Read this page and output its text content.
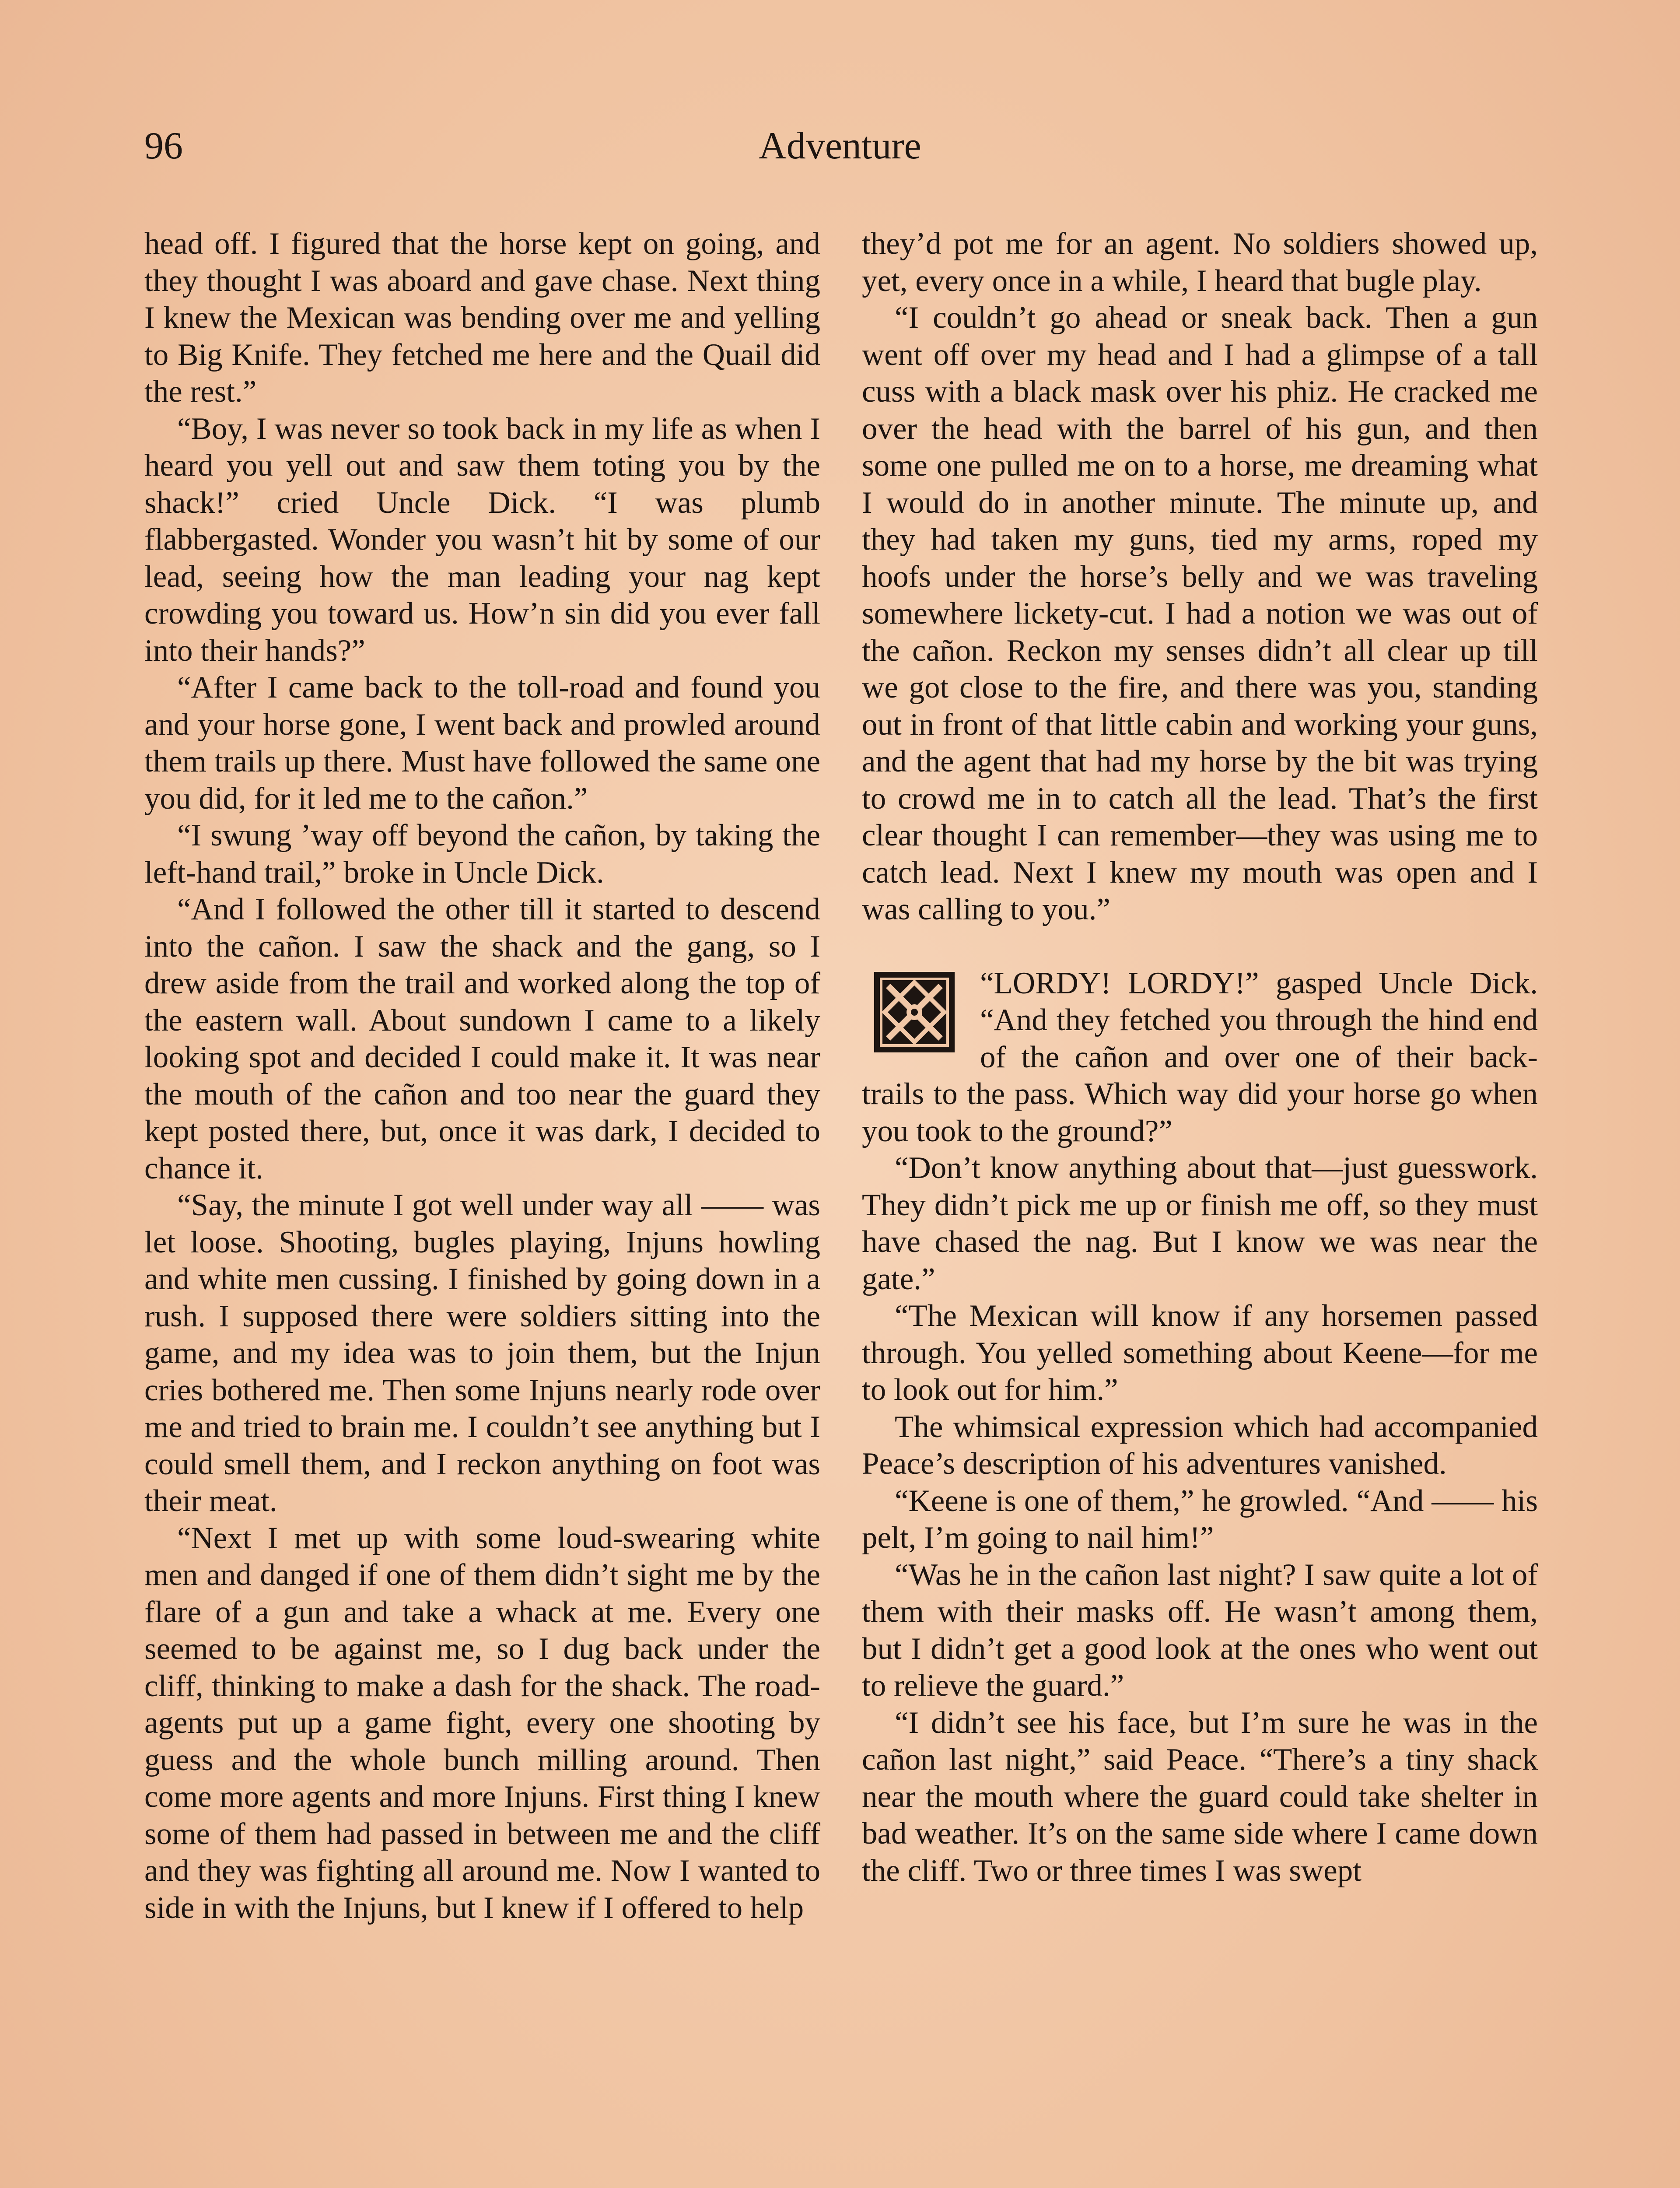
96	Adventure

head off. I figured that the horse kept on going, and they thought I was aboard and gave chase. Next thing I knew the Mexican was bending over me and yelling to Big Knife. They fetched me here and the Quail did the rest.”

“Boy, I was never so took back in my life as when I heard you yell out and saw them toting you by the shack!” cried Uncle Dick. “I was plumb flabbergasted. Wonder you wasn’t hit by some of our lead, seeing how the man leading your nag kept crowding you toward us. How’n sin did you ever fall into their hands?”

“After I came back to the toll-road and found you and your horse gone, I went back and prowled around them trails up there. Must have followed the same one you did, for it led me to the cañon.”

“I swung ’way off beyond the cañon, by taking the left-hand trail,” broke in Uncle Dick.

“And I followed the other till it started to descend into the cañon. I saw the shack and the gang, so I drew aside from the trail and worked along the top of the eastern wall. About sundown I came to a likely looking spot and decided I could make it. It was near the mouth of the cañon and too near the guard they kept posted there, but, once it was dark, I decided to chance it.

“Say, the minute I got well under way all —— was let loose. Shooting, bugles playing, Injuns howling and white men cussing. I finished by going down in a rush. I supposed there were soldiers sitting into the game, and my idea was to join them, but the Injun cries bothered me. Then some Injuns nearly rode over me and tried to brain me. I couldn’t see anything but I could smell them, and I reckon anything on foot was their meat.

“Next I met up with some loud-swearing white men and danged if one of them didn’t sight me by the flare of a gun and take a whack at me. Every one seemed to be against me, so I dug back under the cliff, thinking to make a dash for the shack. The road-agents put up a game fight, every one shooting by guess and the whole bunch milling around. Then come more agents and more Injuns. First thing I knew some of them had passed in between me and the cliff and they was fighting all around me. Now I wanted to side in with the Injuns, but I knew if I offered to help

they’d pot me for an agent. No soldiers showed up, yet, every once in a while, I heard that bugle play.

“I couldn’t go ahead or sneak back. Then a gun went off over my head and I had a glimpse of a tall cuss with a black mask over his phiz. He cracked me over the head with the barrel of his gun, and then some one pulled me on to a horse, me dreaming what I would do in another minute. The minute up, and they had taken my guns, tied my arms, roped my hoofs under the horse’s belly and we was traveling somewhere lickety-cut. I had a notion we was out of the cañon. Reckon my senses didn’t all clear up till we got close to the fire, and there was you, standing out in front of that little cabin and working your guns, and the agent that had my horse by the bit was trying to crowd me in to catch all the lead. That’s the first clear thought I can remember—they was using me to catch lead. Next I knew my mouth was open and I was calling to you.”

“LORDY! LORDY!” gasped Uncle Dick. “And they fetched you through the hind end of the cañon and over one of their back-trails to the pass. Which way did your horse go when you took to the ground?”

“Don’t know anything about that—just guesswork. They didn’t pick me up or finish me off, so they must have chased the nag. But I know we was near the gate.”

“The Mexican will know if any horsemen passed through. You yelled something about Keene—for me to look out for him.”

The whimsical expression which had accompanied Peace’s description of his adventures vanished.

“Keene is one of them,” he growled. “And —— his pelt, I’m going to nail him!”

“Was he in the cañon last night? I saw quite a lot of them with their masks off. He wasn’t among them, but I didn’t get a good look at the ones who went out to relieve the guard.”

“I didn’t see his face, but I’m sure he was in the cañon last night,” said Peace. “There’s a tiny shack near the mouth where the guard could take shelter in bad weather. It’s on the same side where I came down the cliff. Two or three times I was swept
